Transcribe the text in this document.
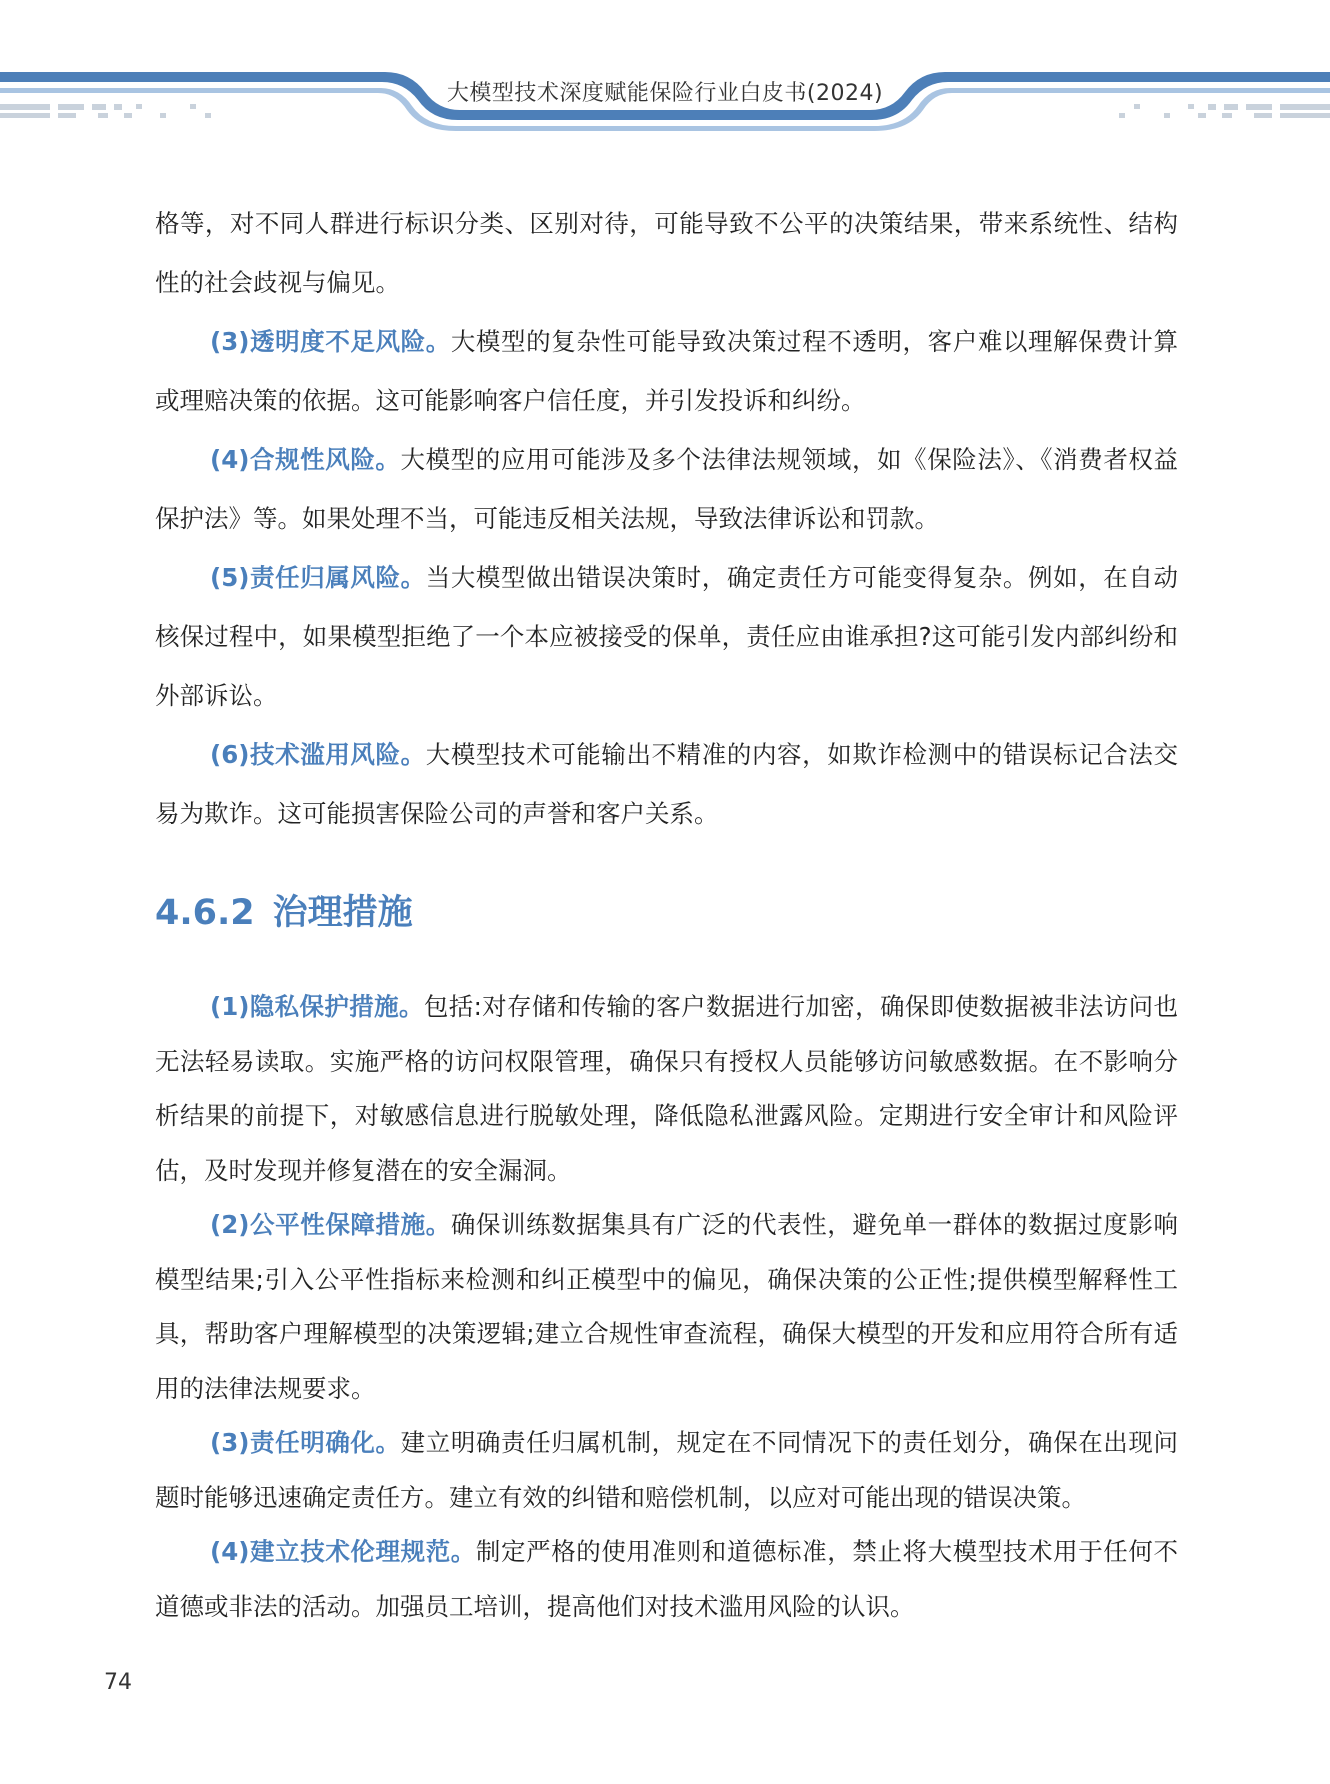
大模型技术深度赋能保险行业白皮书(2024)

格等，对不同人群进行标识分类、区别对待，可能导致不公平的决策结果，带来系统性、结构性的社会歧视与偏见。

(3)透明度不足风险。大模型的复杂性可能导致决策过程不透明，客户难以理解保费计算或理赔决策的依据。这可能影响客户信任度，并引发投诉和纠纷。

(4)合规性风险。大模型的应用可能涉及多个法律法规领域，如《保险法》、《消费者权益保护法》等。如果处理不当，可能违反相关法规，导致法律诉讼和罚款。

(5)责任归属风险。当大模型做出错误决策时，确定责任方可能变得复杂。例如，在自动核保过程中，如果模型拒绝了一个本应被接受的保单，责任应由谁承担?这可能引发内部纠纷和外部诉讼。

(6)技术滥用风险。大模型技术可能输出不精准的内容，如欺诈检测中的错误标记合法交易为欺诈。这可能损害保险公司的声誉和客户关系。

4.6.2 治理措施

(1)隐私保护措施。包括:对存储和传输的客户数据进行加密，确保即使数据被非法访问也无法轻易读取。实施严格的访问权限管理，确保只有授权人员能够访问敏感数据。在不影响分析结果的前提下，对敏感信息进行脱敏处理，降低隐私泄露风险。定期进行安全审计和风险评估，及时发现并修复潜在的安全漏洞。

(2)公平性保障措施。确保训练数据集具有广泛的代表性，避免单一群体的数据过度影响模型结果;引入公平性指标来检测和纠正模型中的偏见，确保决策的公正性;提供模型解释性工具，帮助客户理解模型的决策逻辑;建立合规性审查流程，确保大模型的开发和应用符合所有适用的法律法规要求。

(3)责任明确化。建立明确责任归属机制，规定在不同情况下的责任划分，确保在出现问题时能够迅速确定责任方。建立有效的纠错和赔偿机制，以应对可能出现的错误决策。

(4)建立技术伦理规范。制定严格的使用准则和道德标准，禁止将大模型技术用于任何不道德或非法的活动。加强员工培训，提高他们对技术滥用风险的认识。

74
